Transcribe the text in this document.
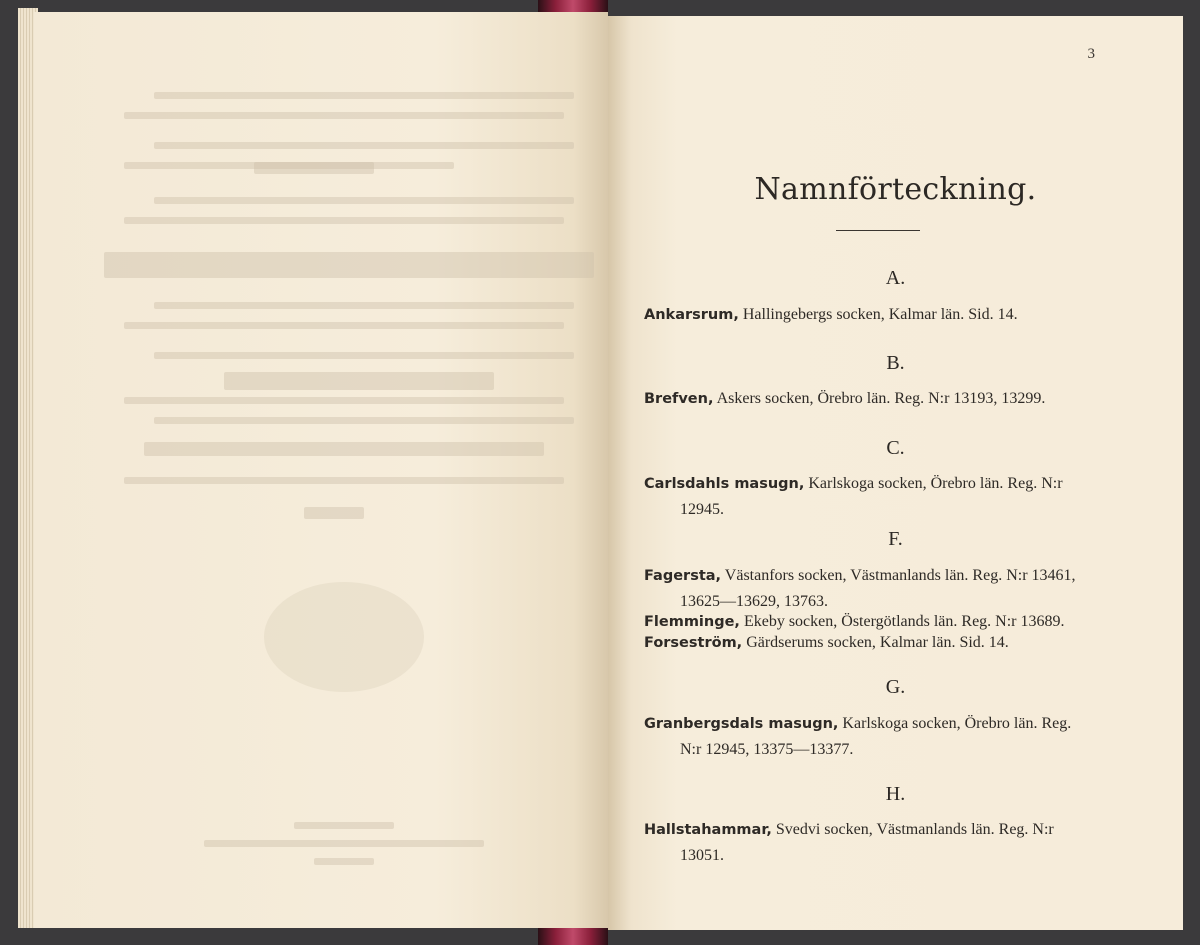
3
Namnförteckning.
A.
Ankarsrum, Hallingebergs socken, Kalmar län. Sid. 14.
B.
Brefven, Askers socken, Örebro län. Reg. N:r 13193, 13299.
C.
Carlsdahls masugn, Karlskoga socken, Örebro län. Reg. N:r
12945.
F.
Fagersta, Västanfors socken, Västmanlands län. Reg. N:r 13461,
13625—13629, 13763.
Flemminge, Ekeby socken, Östergötlands län. Reg. N:r 13689.
Forseström, Gärdserums socken, Kalmar län. Sid. 14.
G.
Granbergsdals masugn, Karlskoga socken, Örebro län. Reg.
N:r 12945, 13375—13377.
H.
Hallstahammar, Svedvi socken, Västmanlands län. Reg. N:r
13051.
